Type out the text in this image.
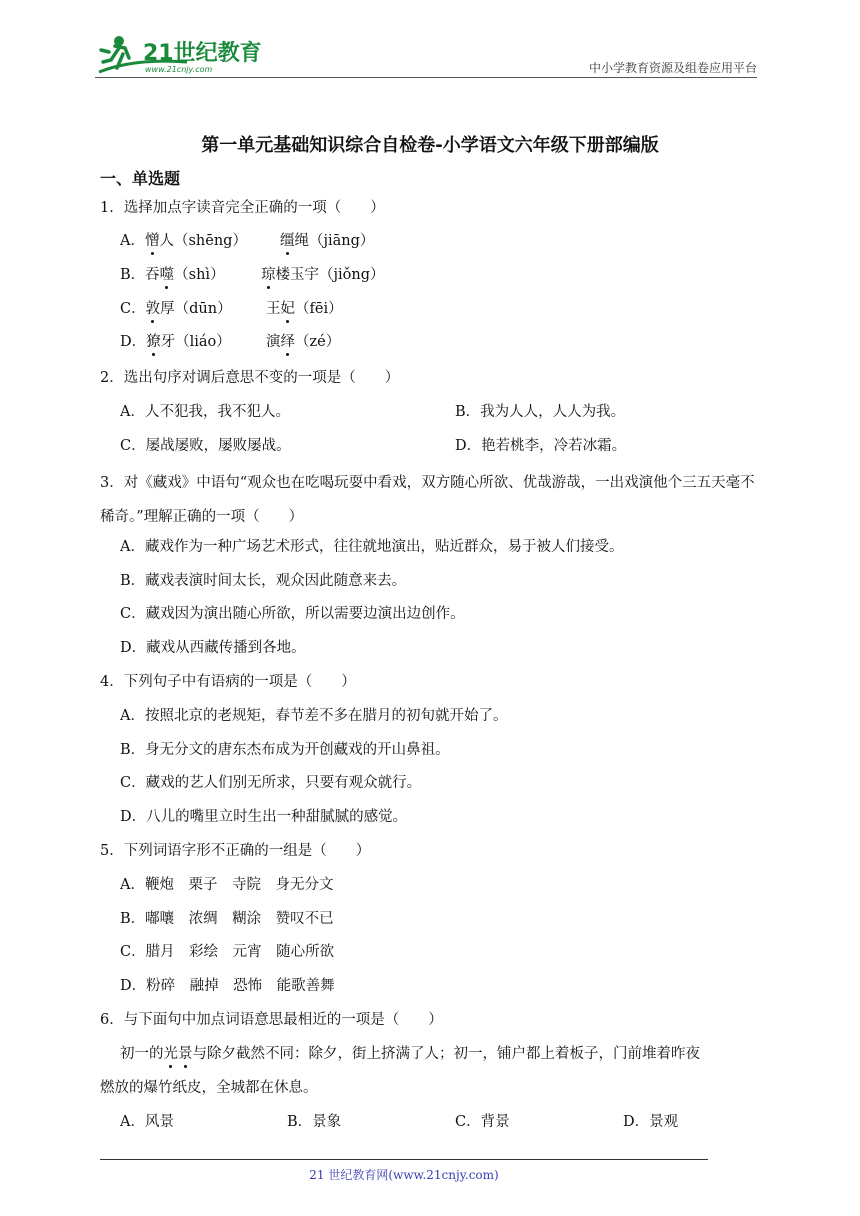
21世纪教育
www.21cnjy.com	中小学教育资源及组卷应用平台
第一单元基础知识综合自检卷-小学语文六年级下册部编版
一、单选题
1．选择加点字读音完全正确的一项（　　）
A．憎人（shēng） 缰绳（jiāng）
B．吞噬（shì）	琼楼玉宇（jiǒng）
C．敦厚（dūn） 王妃（fēi）
D．獠牙（liáo） 演绎（zé）
2．选出句序对调后意思不变的一项是（　　）
A．人不犯我，我不犯人。	B．我为人人，人人为我。
C．屡战屡败，屡败屡战。	D．艳若桃李，冷若冰霜。
3．对《藏戏》中语句“观众也在吃喝玩耍中看戏，双方随心所欲、优哉游哉，一出戏演他个三五天毫不稀奇。”理解正确的一项（　　）
A．藏戏作为一种广场艺术形式，往往就地演出，贴近群众，易于被人们接受。
B．藏戏表演时间太长，观众因此随意来去。
C．藏戏因为演出随心所欲，所以需要边演出边创作。
D．藏戏从西藏传播到各地。
4．下列句子中有语病的一项是（　　）
A．按照北京的老规矩，春节差不多在腊月的初旬就开始了。
B．身无分文的唐东杰布成为开创藏戏的开山鼻祖。
C．藏戏的艺人们别无所求，只要有观众就行。
D．八儿的嘴里立时生出一种甜腻腻的感觉。
5．下列词语字形不正确的一组是（　　）
A．鞭炮　栗子　寺院　身无分文
B．嘟嚷　浓绸　糊涂　赞叹不已
C．腊月　彩绘　元宵　随心所欲
D．粉碎　融掉　恐怖　能歌善舞
6．与下面句中加点词语意思最相近的一项是（　　）
初一的光景与除夕截然不同：除夕，街上挤满了人；初一，铺户都上着板子，门前堆着昨夜
燃放的爆竹纸皮，全城都在休息。
A．风景	B．景象	C．背景	D．景观
21 世纪教育网(www.21cnjy.com)
